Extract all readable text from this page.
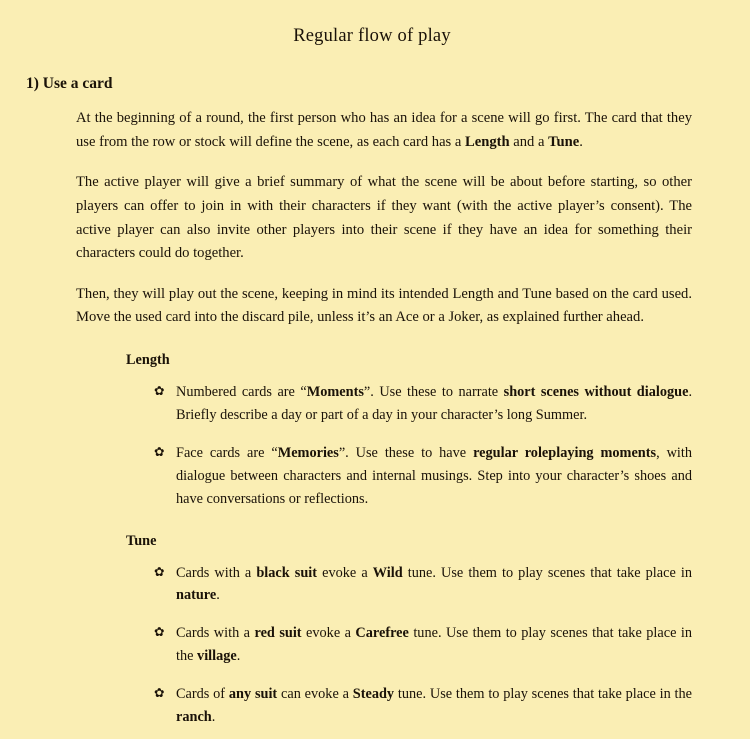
Regular flow of play
1) Use a card

At the beginning of a round, the first person who has an idea for a scene will go first. The card that they use from the row or stock will define the scene, as each card has a Length and a Tune.

The active player will give a brief summary of what the scene will be about before starting, so other players can offer to join in with their characters if they want (with the active player’s consent). The active player can also invite other players into their scene if they have an idea for something their characters could do together.

Then, they will play out the scene, keeping in mind its intended Length and Tune based on the card used. Move the used card into the discard pile, unless it’s an Ace or a Joker, as explained further ahead.

Length
✿ Numbered cards are “Moments”. Use these to narrate short scenes without dialogue. Briefly describe a day or part of a day in your character’s long Summer.
✿ Face cards are “Memories”. Use these to have regular roleplaying moments, with dialogue between characters and internal musings. Step into your character’s shoes and have conversations or reflections.
Tune
✿ Cards with a black suit evoke a Wild tune. Use them to play scenes that take place in nature.
✿ Cards with a red suit evoke a Carefree tune. Use them to play scenes that take place in the village.
✿ Cards of any suit can evoke a Steady tune. Use them to play scenes that take place in the ranch.
